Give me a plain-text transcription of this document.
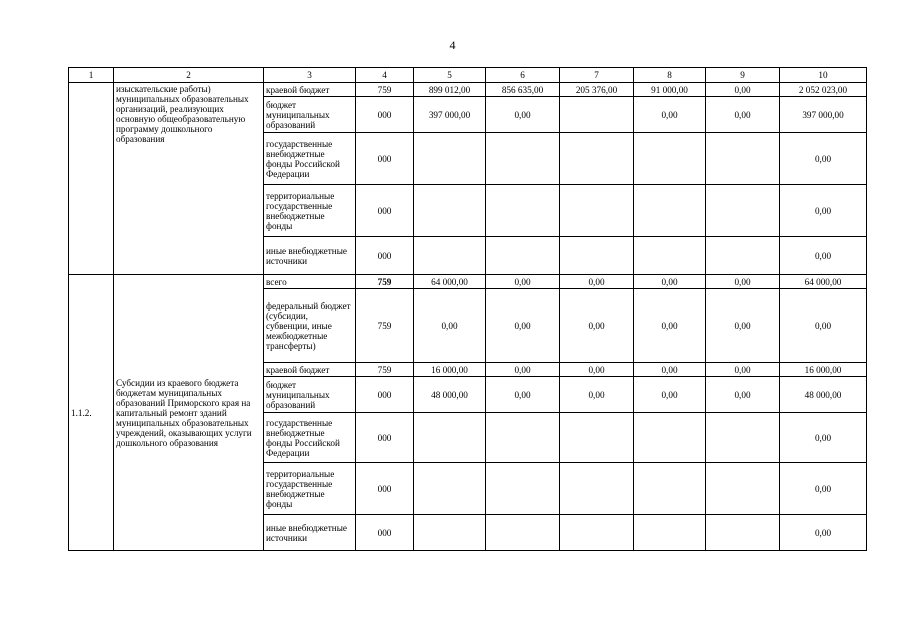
4
1	2	3	4	5	6	7	8	9	10
	изыскательские работы) муниципальных образовательных организаций, реализующих основную общеобразовательную программу дошкольного образования	краевой бюджет	759	899 012,00	856 635,00	205 376,00	91 000,00	0,00	2 052 023,00
		бюджет муниципальных образований	000	397 000,00	0,00		0,00	0,00	397 000,00
		государственные внебюджетные фонды Российской Федерации	000						0,00
		территориальные государственные внебюджетные фонды	000						0,00
		иные внебюджетные источники	000						0,00
1.1.2.	Субсидии из краевого бюджета бюджетам муниципальных образований Приморского края на капитальный ремонт зданий муниципальных образовательных учреждений, оказывающих услуги дошкольного образования	всего	759	64 000,00	0,00	0,00	0,00	0,00	64 000,00
		федеральный бюджет (субсидии, субвенции, иные межбюджетные трансферты)	759	0,00	0,00	0,00	0,00	0,00	0,00
		краевой бюджет	759	16 000,00	0,00	0,00	0,00	0,00	16 000,00
		бюджет муниципальных образований	000	48 000,00	0,00	0,00	0,00	0,00	48 000,00
		государственные внебюджетные фонды Российской Федерации	000						0,00
		территориальные государственные внебюджетные фонды	000						0,00
		иные внебюджетные источники	000						0,00
